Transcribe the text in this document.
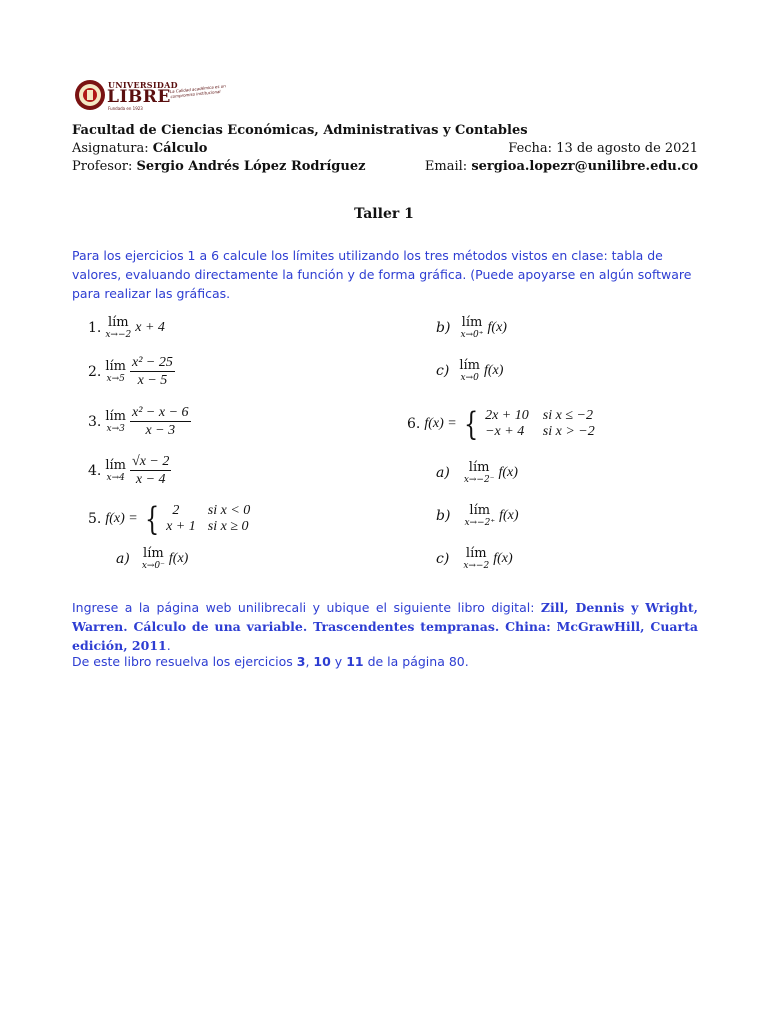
UNIVERSIDAD
LIBRE
La Calidad académica es un compromiso institucional
Fundada en 1923
Facultad de Ciencias Económicas, Administrativas y Contables
Asignatura: Cálculo	Fecha: 13 de agosto de 2021
Profesor: Sergio Andrés López Rodríguez	Email: sergioa.lopezr@unilibre.edu.co
Taller 1
Para los ejercicios 1 a 6 calcule los límites utilizando los tres métodos vistos en clase: tabla de valores, evaluando directamente la función y de forma gráfica. (Puede apoyarse en algún software para realizar las gráficas.
1. lím
x→−2 x + 4
2. lím
$x\to 5 \frac{\text{x² − 25}}{x - 5}$
3. lím
$x\to 3 \frac{\text{x² − x − 6}}{x - 3}$
4. lím
$x\to 4 \frac{√x - 2}{x - 4}$
5. f(x) = { 2	si x < 0
x + 1	si x ≥ 0
a) lím
x→0⁻ f(x)
b) lím
x→0⁺ f(x)
c) lím
x→0 f(x)
6. f(x) = { 2x + 10	si x ≤ −2
−x + 4	si x > −2
a)	lím
x→−2⁻ f(x)
b)	lím
x→−2⁺ f(x)
c) lím
x→−2 f(x)
Ingrese a la página web unilibrecali y ubique el siguiente libro digital: Zill, Dennis y Wright, Warren. Cálculo de una variable. Trascendentes tempranas. China: McGrawHill, Cuarta edición, 2011.
De este libro resuelva los ejercicios 3, 10 y 11 de la página 80.
